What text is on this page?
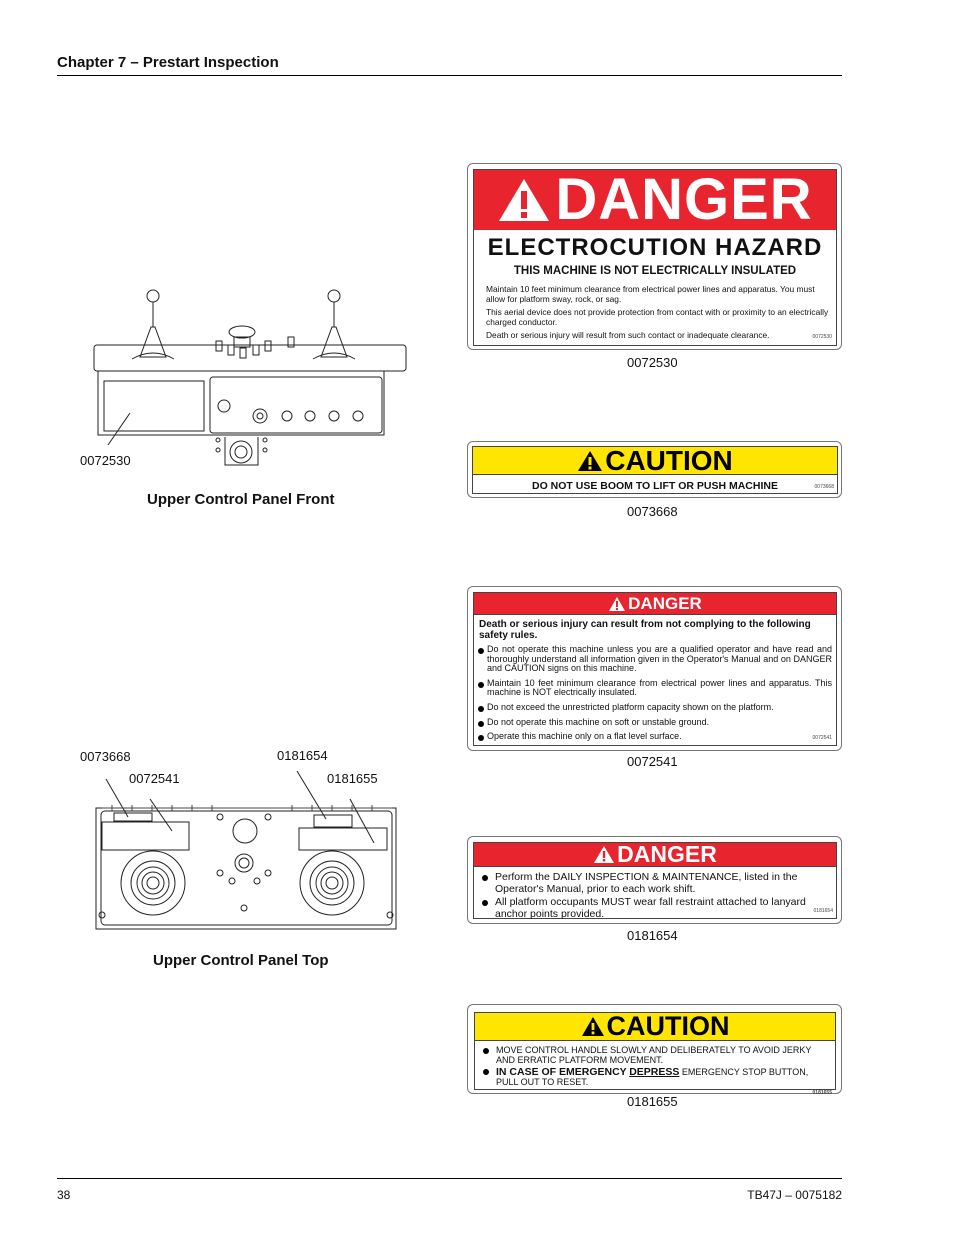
Chapter 7 – Prestart Inspection
0072530
Upper Control Panel Front
0073668
0072541
0181654
0181655
Upper Control Panel Top
DANGER
ELECTROCUTION HAZARD
THIS MACHINE IS NOT ELECTRICALLY INSULATED
Maintain 10 feet minimum clearance from electrical power lines and apparatus. You must allow for platform sway, rock, or sag.
This aerial device does not provide protection from contact with or proximity to an electrically charged conductor.
Death or serious injury will result from such contact or inadequate clearance.	0072530
0072530
CAUTION
DO NOT USE BOOM TO LIFT OR PUSH MACHINE	0073668
0073668
DANGER
Death or serious injury can result from not complying to the following safety rules.
Do not operate this machine unless you are a qualified operator and have read and thoroughly understand all information given in the Operator's Manual and on DANGER and CAUTION signs on this machine.
Maintain 10 feet minimum clearance from electrical power lines and apparatus. This machine is NOT electrically insulated.
Do not exceed the unrestricted platform capacity shown on the platform.
Do not operate this machine on soft or unstable ground.
Operate this machine only on a flat level surface.	0072541
0072541
DANGER
Perform the DAILY INSPECTION & MAINTENANCE, listed in the Operator's Manual, prior to each work shift.
All platform occupants MUST wear fall restraint attached to lanyard anchor points provided.	0181654
0181654
CAUTION
MOVE CONTROL HANDLE SLOWLY AND DELIBERATELY TO AVOID JERKY AND ERRATIC PLATFORM MOVEMENT.
IN CASE OF EMERGENCY DEPRESS EMERGENCY STOP BUTTON, PULL OUT TO RESET.
0181655
0181655
38	TB47J – 0075182
